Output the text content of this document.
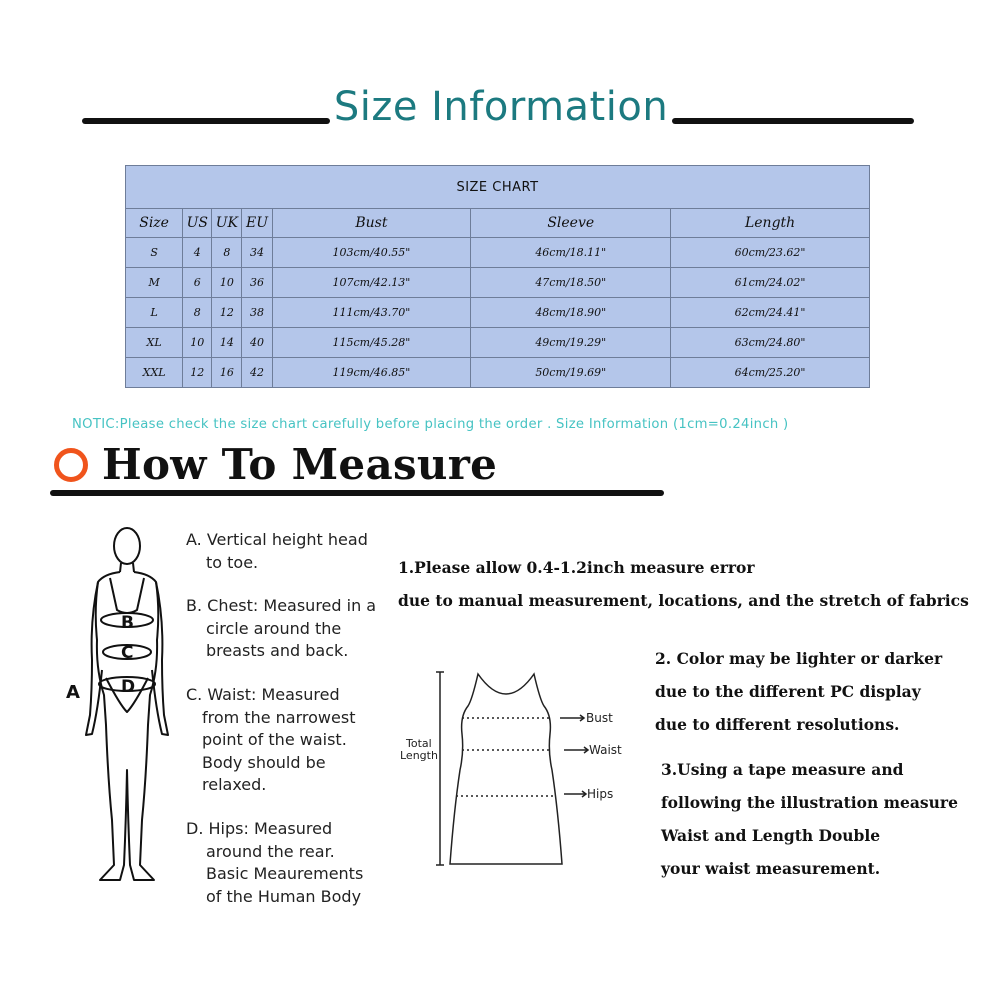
Size Information
SIZE CHART						
Size	US	UK	EU	Bust	Sleeve	Length
S	4	8	34	103cm/40.55"	46cm/18.11"	60cm/23.62"
M	6	10	36	107cm/42.13"	47cm/18.50"	61cm/24.02"
L	8	12	38	111cm/43.70"	48cm/18.90"	62cm/24.41"
XL	10	14	40	115cm/45.28"	49cm/19.29"	63cm/24.80"
XXL	12	16	42	119cm/46.85"	50cm/19.69"	64cm/25.20"
NOTIC:Please check the size chart carefully before placing the order . Size Information (1cm=0.24inch )
How To Measure
A
B
C
D
A. Vertical height head
to toe.
B. Chest: Measured in a
circle around the
breasts and back.
C. Waist: Measured
from the narrowest
point of the waist.
Body should be
relaxed.
D. Hips: Measured
around the rear.
Basic Meaurements
of the Human Body
1.Please allow 0.4-1.2inch measure error
due to manual measurement, locations, and the stretch of fabrics
2. Color may be lighter or darker
due to the different PC display
due to different resolutions.
3.Using a tape measure and
following the illustration measure
Waist and Length Double
your waist measurement.
Total
Length
Bust
Waist
Hips
